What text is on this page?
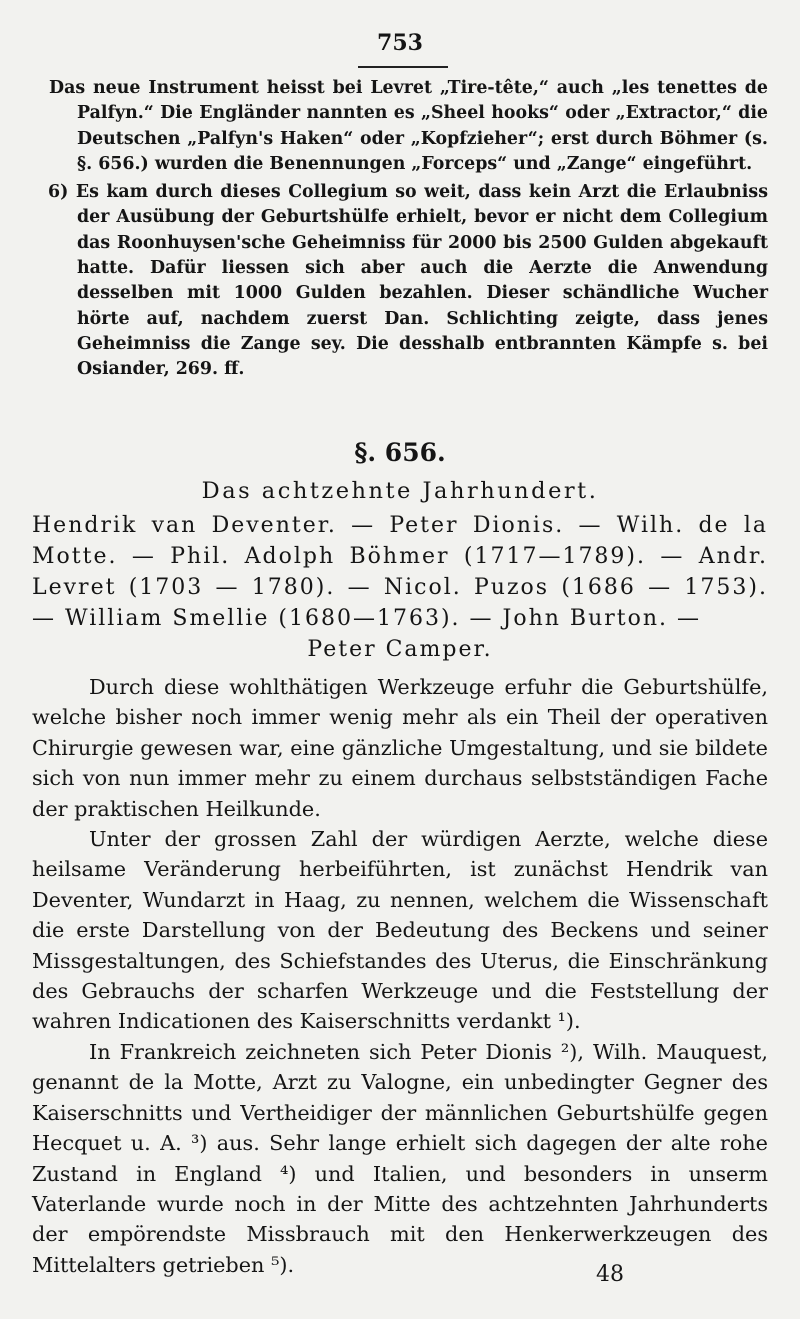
753

Das neue Instrument heisst bei Levret „Tire-tête,“ auch „les tenettes de Palfyn.“ Die Engländer nannten es „Sheel hooks“ oder „Extractor,“ die Deutschen „Palfyn's Haken“ oder „Kopfzieher“; erst durch Böhmer (s. §. 656.) wurden die Benennungen „Forceps“ und „Zange“ eingeführt.

6) Es kam durch dieses Collegium so weit, dass kein Arzt die Erlaubniss der Ausübung der Geburtshülfe erhielt, bevor er nicht dem Collegium das Roonhuysen'sche Geheimniss für 2000 bis 2500 Gulden abgekauft hatte. Dafür liessen sich aber auch die Aerzte die Anwendung desselben mit 1000 Gulden bezahlen. Dieser schändliche Wucher hörte auf, nachdem zuerst Dan. Schlichting zeigte, dass jenes Geheimniss die Zange sey. Die desshalb entbrannten Kämpfe s. bei Osiander, 269. ff.

§. 656.
Das achtzehnte Jahrhundert.
Hendrik van Deventer. — Peter Dionis. — Wilh. de la Motte. — Phil. Adolph Böhmer (1717—1789). — Andr. Levret (1703 — 1780). — Nicol. Puzos (1686 — 1753). — William Smellie (1680—1763). — John Burton. —
Peter Camper.

Durch diese wohlthätigen Werkzeuge erfuhr die Geburtshülfe, welche bisher noch immer wenig mehr als ein Theil der operativen Chirurgie gewesen war, eine gänzliche Umgestaltung, und sie bildete sich von nun immer mehr zu einem durchaus selbstständigen Fache der praktischen Heilkunde.

Unter der grossen Zahl der würdigen Aerzte, welche diese heilsame Veränderung herbeiführten, ist zunächst Hendrik van Deventer, Wundarzt in Haag, zu nennen, welchem die Wissenschaft die erste Darstellung von der Bedeutung des Beckens und seiner Missgestaltungen, des Schiefstandes des Uterus, die Einschränkung des Gebrauchs der scharfen Werkzeuge und die Feststellung der wahren Indicationen des Kaiserschnitts verdankt ¹).

In Frankreich zeichneten sich Peter Dionis ²), Wilh. Mauquest, genannt de la Motte, Arzt zu Valogne, ein unbedingter Gegner des Kaiserschnitts und Vertheidiger der männlichen Geburtshülfe gegen Hecquet u. A. ³) aus. Sehr lange erhielt sich dagegen der alte rohe Zustand in England ⁴) und Italien, und besonders in unserm Vaterlande wurde noch in der Mitte des achtzehnten Jahrhunderts der empörendste Missbrauch mit den Henkerwerkzeugen des Mittelalters getrieben ⁵).	48
